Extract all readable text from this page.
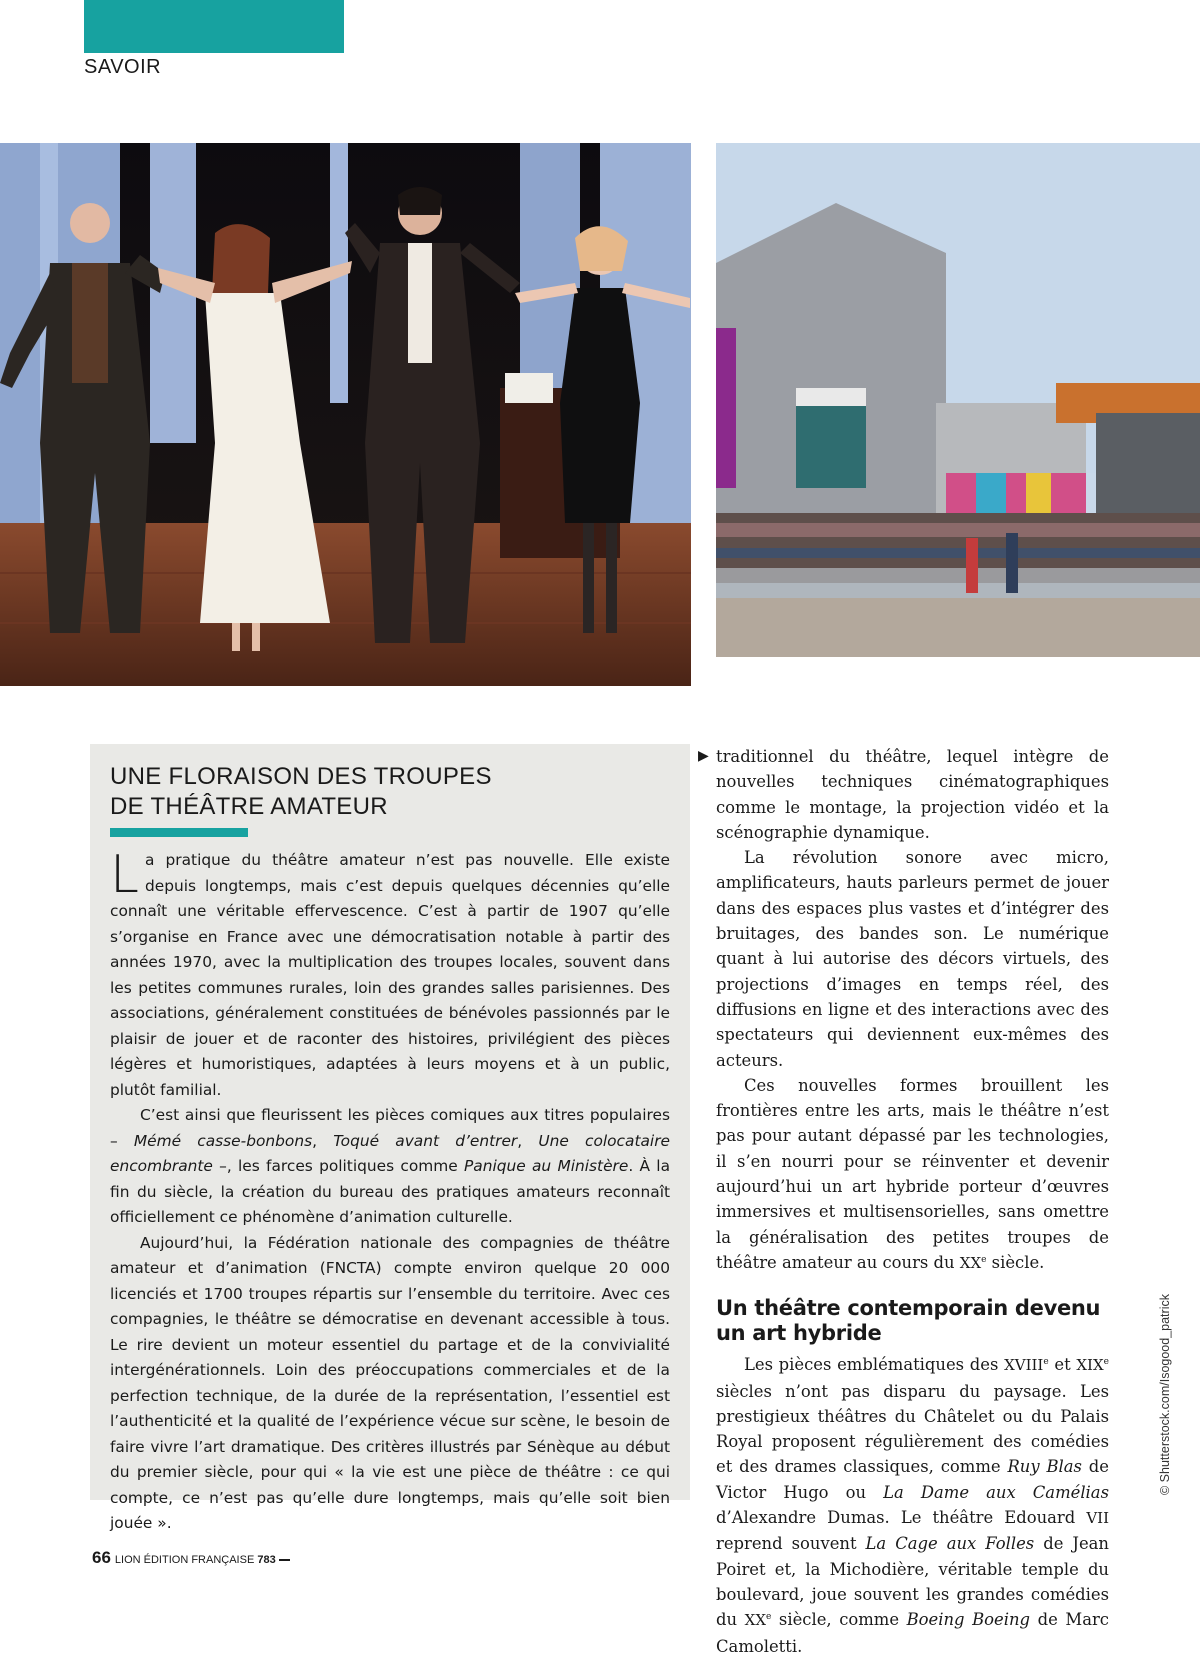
SAVOIR
UNE FLORAISON DES TROUPES
DE THÉÂTRE AMATEUR

La pratique du théâtre amateur n’est pas nouvelle. Elle existe depuis longtemps, mais c’est depuis quelques décennies qu’elle connaît une véritable effervescence. C’est à partir de 1907 qu’elle s’organise en France avec une démocratisation notable à partir des années 1970, avec la multiplication des troupes locales, souvent dans les petites communes rurales, loin des grandes salles parisiennes. Des associations, généralement constituées de bénévoles passionnés par le plaisir de jouer et de raconter des histoires, privilégient des pièces légères et humoristiques, adaptées à leurs moyens et à un public, plutôt familial.

C’est ainsi que fleurissent les pièces comiques aux titres populaires – Mémé casse-bonbons, Toqué avant d’entrer, Une colocataire encombrante –, les farces politiques comme Panique au Ministère. À la fin du siècle, la création du bureau des pratiques amateurs reconnaît officiellement ce phénomène d’animation culturelle.

Aujourd’hui, la Fédération nationale des compagnies de théâtre amateur et d’animation (FNCTA) compte environ quelque 20 000 licenciés et 1700 troupes répartis sur l’ensemble du territoire. Avec ces compagnies, le théâtre se démocratise en devenant accessible à tous. Le rire devient un moteur essentiel du partage et de la convivialité intergénérationnels. Loin des préoccupations commerciales et de la perfection technique, de la durée de la représentation, l’essentiel est l’authenticité et la qualité de l’expérience vécue sur scène, le besoin de faire vivre l’art dramatique. Des critères illustrés par Sénèque au début du premier siècle, pour qui « la vie est une pièce de théâtre : ce qui compte, ce n’est pas qu’elle dure longtemps, mais qu’elle soit bien jouée ».

▶ traditionnel du théâtre, lequel intègre de nouvelles techniques cinématographiques comme le montage, la projection vidéo et la scénographie dynamique.

La révolution sonore avec micro, amplificateurs, hauts parleurs permet de jouer dans des espaces plus vastes et d’intégrer des bruitages, des bandes son. Le numérique quant à lui autorise des décors virtuels, des projections d’images en temps réel, des diffusions en ligne et des interactions avec des spectateurs qui deviennent eux-mêmes des acteurs.

Ces nouvelles formes brouillent les frontières entre les arts, mais le théâtre n’est pas pour autant dépassé par les technologies, il s’en nourri pour se réinventer et devenir aujourd’hui un art hybride porteur d’œuvres immersives et multisensorielles, sans omettre la généralisation des petites troupes de théâtre amateur au cours du XXe siècle.

Un théâtre contemporain devenu un art hybride

Les pièces emblématiques des XVIIIe et XIXe siècles n’ont pas disparu du paysage. Les prestigieux théâtres du Châtelet ou du Palais Royal proposent régulièrement des comédies et des drames classiques, comme Ruy Blas de Victor Hugo ou La Dame aux Camélias d’Alexandre Dumas. Le théâtre Edouard VII reprend souvent La Cage aux Folles de Jean Poiret et, la Michodière, véritable temple du boulevard, joue souvent les grandes comédies du XXe siècle, comme Boeing Boeing de Marc Camoletti.

© Shutterstock.com/Isogood_patrick
66 LION ÉDITION FRANÇAISE 783
